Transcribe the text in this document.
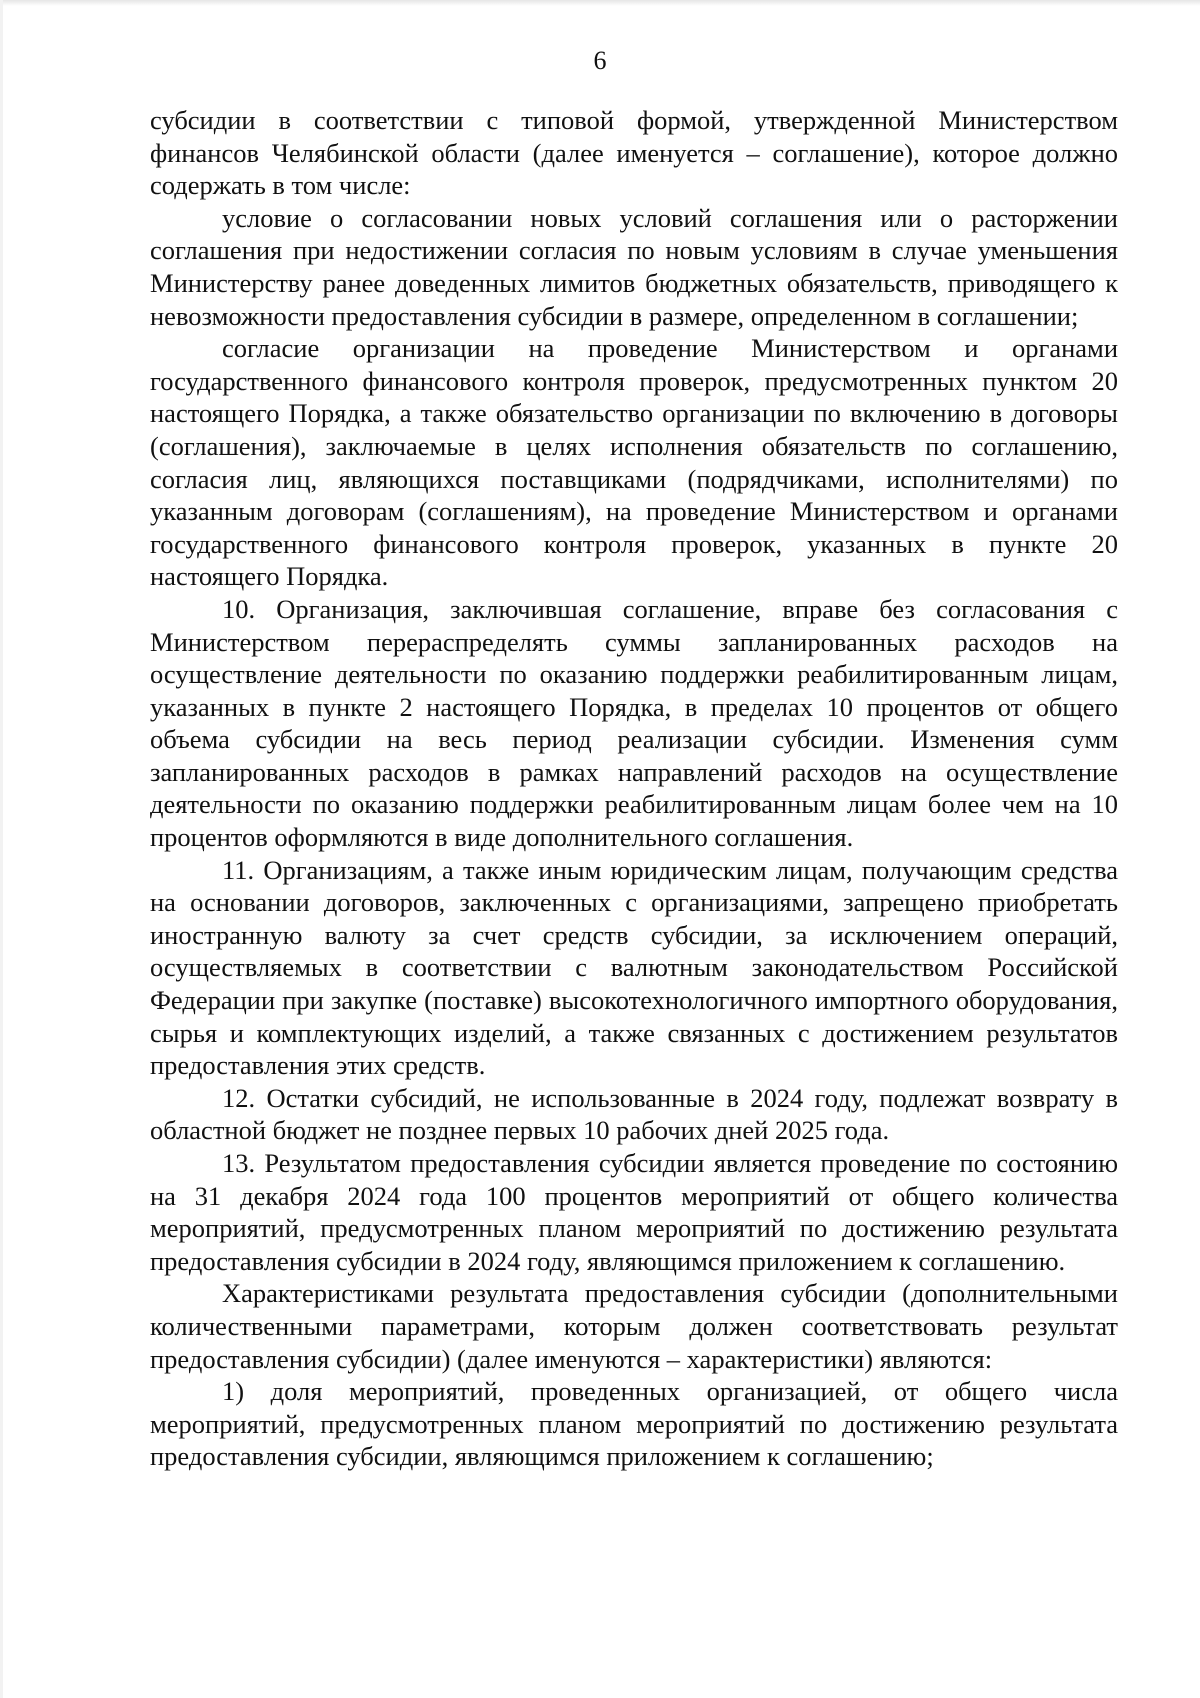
6

субсидии в соответствии с типовой формой, утвержденной Министерством финансов Челябинской области (далее именуется – соглашение), которое должно содержать в том числе:

условие о согласовании новых условий соглашения или о расторжении соглашения при недостижении согласия по новым условиям в случае уменьшения Министерству ранее доведенных лимитов бюджетных обязательств, приводящего к невозможности предоставления субсидии в размере, определенном в соглашении;

согласие организации на проведение Министерством и органами государственного финансового контроля проверок, предусмотренных пунктом 20 настоящего Порядка, а также обязательство организации по включению в договоры (соглашения), заключаемые в целях исполнения обязательств по соглашению, согласия лиц, являющихся поставщиками (подрядчиками, исполнителями) по указанным договорам (соглашениям), на проведение Министерством и органами государственного финансового контроля проверок, указанных в пункте 20 настоящего Порядка.

10. Организация, заключившая соглашение, вправе без согласования с Министерством перераспределять суммы запланированных расходов на осуществление деятельности по оказанию поддержки реабилитированным лицам, указанных в пункте 2 настоящего Порядка, в пределах 10 процентов от общего объема субсидии на весь период реализации субсидии. Изменения сумм запланированных расходов в рамках направлений расходов на осуществление деятельности по оказанию поддержки реабилитированным лицам более чем на 10 процентов оформляются в виде дополнительного соглашения.

11. Организациям, а также иным юридическим лицам, получающим средства на основании договоров, заключенных с организациями, запрещено приобретать иностранную валюту за счет средств субсидии, за исключением операций, осуществляемых в соответствии с валютным законодательством Российской Федерации при закупке (поставке) высокотехнологичного импортного оборудования, сырья и комплектующих изделий, а также связанных с достижением результатов предоставления этих средств.

12. Остатки субсидий, не использованные в 2024 году, подлежат возврату в областной бюджет не позднее первых 10 рабочих дней 2025 года.

13. Результатом предоставления субсидии является проведение по состоянию на 31 декабря 2024 года 100 процентов мероприятий от общего количества мероприятий, предусмотренных планом мероприятий по достижению результата предоставления субсидии в 2024 году, являющимся приложением к соглашению.

Характеристиками результата предоставления субсидии (дополнительными количественными параметрами, которым должен соответствовать результат предоставления субсидии) (далее именуются – характеристики) являются:

1) доля мероприятий, проведенных организацией, от общего числа мероприятий, предусмотренных планом мероприятий по достижению результата предоставления субсидии, являющимся приложением к соглашению;
